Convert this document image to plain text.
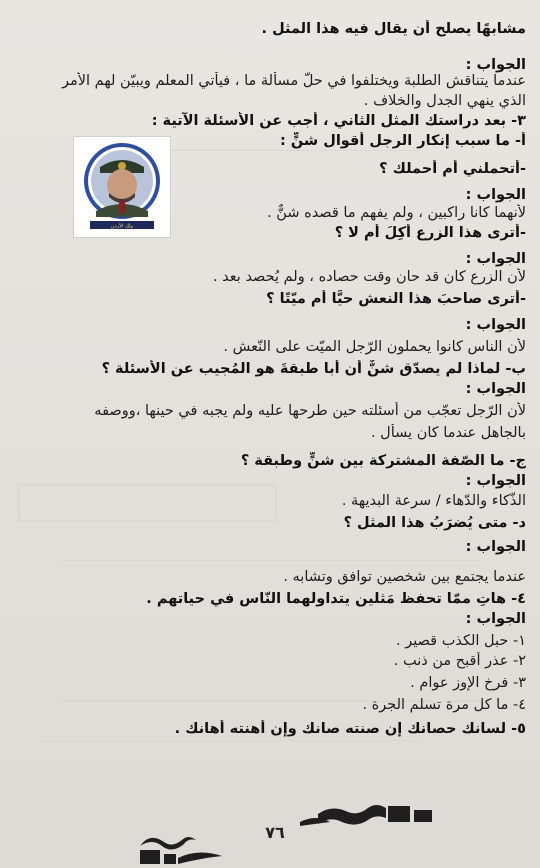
ملك الأردن
مشابهًا يصلح أن يقال فيه هذا المثل .
الجواب :
عندما يتناقش الطلبة ويختلفوا في حلّ مسألة ما ، فيأتي المعلم ويبيّن لهم الأمر
الذي ينهي الجدل والخلاف .
٣- بعد دراستك المثل الثاني ، أجب عن الأسئلة الآتية :
أ- ما سبب إنكار الرجل أقوال شنٍّ :
-أتحملني أم أحملك ؟
الجواب :
لأنهما كانا راكبين ، ولم يفهم ما قصده شنٌّ .
-أترى هذا الزرع أُكِلَ أم لا ؟
الجواب :
لأن الزرع كان قد حان وقت حصاده ، ولم يُحصد بعد .
-أترى صاحبَ هذا النعش حيًّا أم ميّتًا ؟
الجواب :
لأن الناس كانوا يحملون الرّجل الميّت على النّعش .
ب- لماذا لم يصدّق شنٌّ أن أبا طبقةَ هو المُجيب عن الأسئلة ؟
الجواب :
لأن الرّجل تعجّب من أسئلته حين طرحها عليه ولم يجبه في حينها ،ووصفه
بالجاهل عندما كان يسأل .
ج- ما الصّفة المشتركة بين شنٍّ وطبقة ؟
الجواب :
الذّكاء والدّهاء / سرعة البديهة .
د- متى يُضرَبُ هذا المثل ؟
الجواب :
عندما يجتمع بين شخصين توافق وتشابه .
٤- هاتِ ممّا تحفظ مَثلين يتداولهما النّاس في حياتهم .
الجواب :
١- حبل الكذب قصير .
٢- عذر أقبح من ذنب .
٣- فرخ الإوز عوام .
٤- ما كل مرة تسلم الجرة .
٥- لسانك حصانك إن صنته صانك وإن أهنته أهانك .
٧٦
